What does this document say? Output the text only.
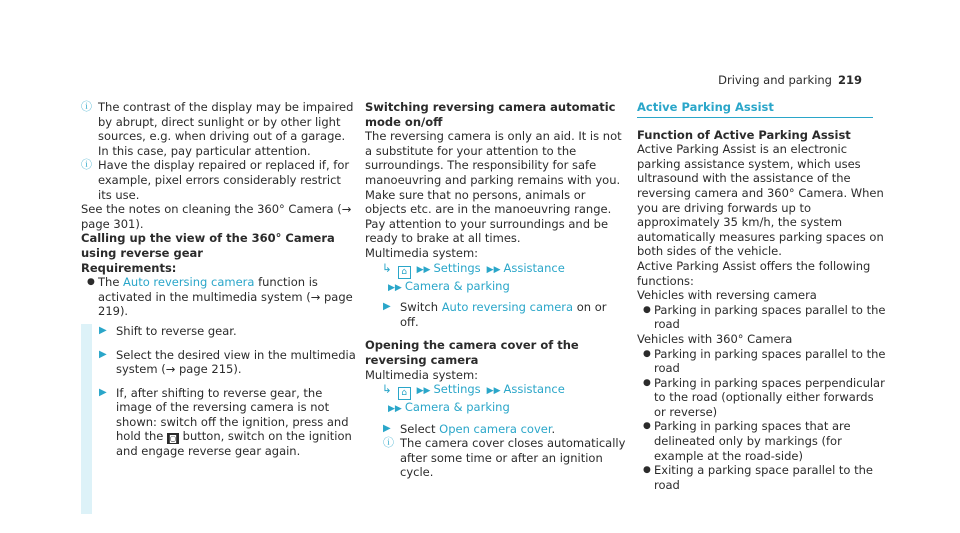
Driving and parking 219

ⓘ The contrast of the display may be impaired by abrupt, direct sunlight or by other light sources, e.g. when driving out of a garage. In this case, pay particular attention.

ⓘ Have the display repaired or replaced if, for example, pixel errors considerably restrict its use.

See the notes on cleaning the 360° Camera (→ page 301).

Calling up the view of the 360° Camera using reverse gear

Requirements:

● The Auto reversing camera function is activated in the multimedia system (→ page 219).

▶ Shift to reverse gear.

▶ Select the desired view in the multimedia system (→ page 215).

▶ If, after shifting to reverse gear, the image of the reversing camera is not shown: switch off the ignition, press and hold the ◙ button, switch on the ignition and engage reverse gear again.

Switching reversing camera automatic mode on/off

The reversing camera is only an aid. It is not a substitute for your attention to the surroundings. The responsibility for safe manoeuvring and parking remains with you. Make sure that no persons, animals or objects etc. are in the manoeuvring range. Pay attention to your surroundings and be ready to brake at all times.

Multimedia system:

↳ ⌂ ▶▶ Settings ▶▶ Assistance
▶▶ Camera & parking

▶ Switch Auto reversing camera on or off.

Opening the camera cover of the reversing camera

Multimedia system:

↳ ⌂ ▶▶ Settings ▶▶ Assistance
▶▶ Camera & parking

▶ Select Open camera cover.

ⓘ The camera cover closes automatically after some time or after an ignition cycle.

Active Parking Assist

Function of Active Parking Assist

Active Parking Assist is an electronic parking assistance system, which uses ultrasound with the assistance of the reversing camera and 360° Camera. When you are driving forwards up to approximately 35 km/h, the system automatically measures parking spaces on both sides of the vehicle.

Active Parking Assist offers the following functions:

Vehicles with reversing camera

● Parking in parking spaces parallel to the road

Vehicles with 360° Camera

● Parking in parking spaces parallel to the road

● Parking in parking spaces perpendicular to the road (optionally either forwards or reverse)

● Parking in parking spaces that are delineated only by markings (for example at the road-side)

● Exiting a parking space parallel to the road
